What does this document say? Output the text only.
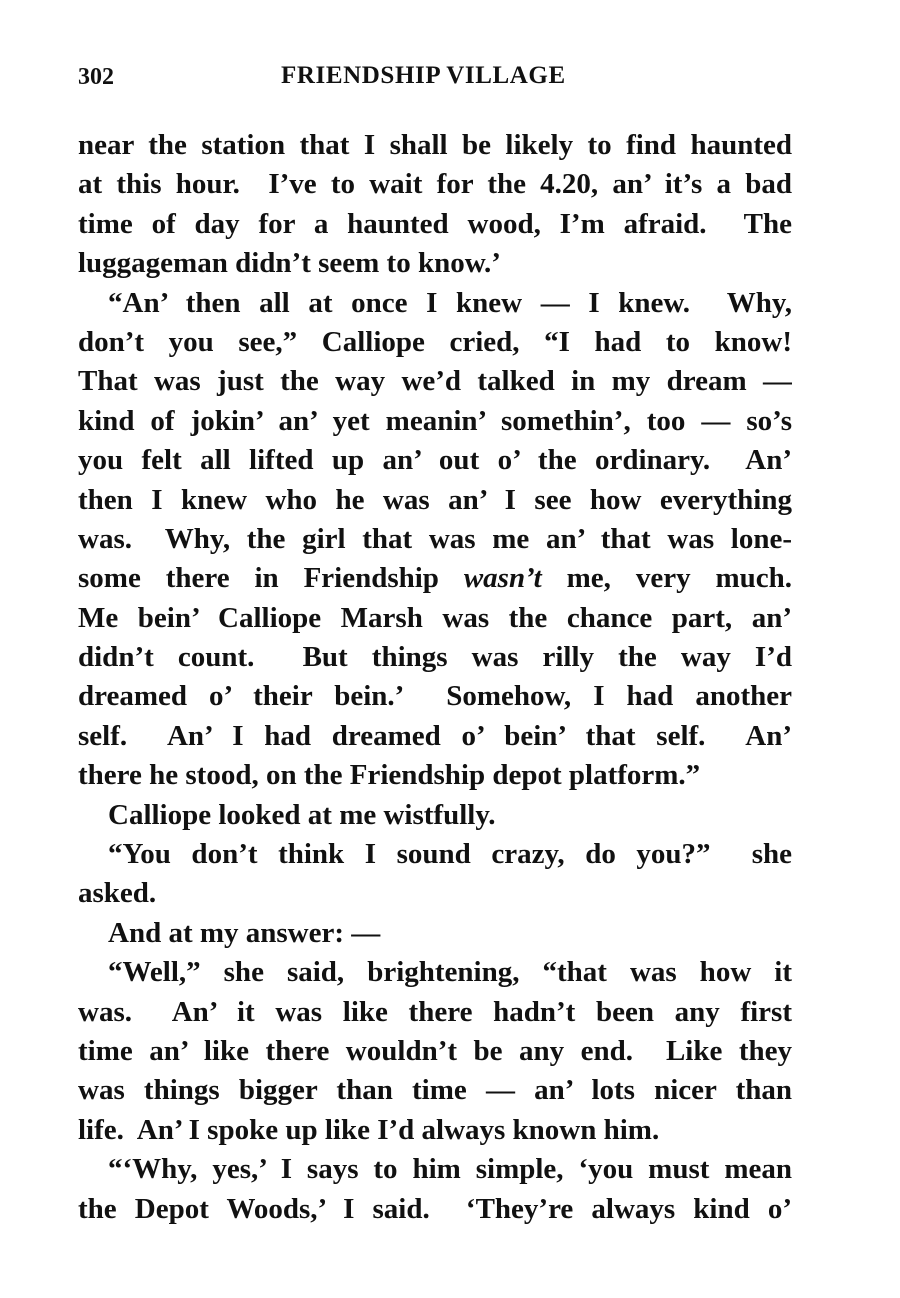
302	FRIENDSHIP VILLAGE
near the station that I shall be likely to find haunted
at this hour.  I’ve to wait for the 4.20, an’ it’s a bad
time of day for a haunted wood, I’m afraid.  The
luggageman didn’t seem to know.’
“An’ then all at once I knew — I knew.  Why,
don’t you see,” Calliope cried, “I had to know!
That was just the way we’d talked in my dream —
kind of jokin’ an’ yet meanin’ somethin’, too — so’s
you felt all lifted up an’ out o’ the ordinary.  An’
then I knew who he was an’ I see how everything
was.  Why, the girl that was me an’ that was lone-
some there in Friendship wasn’t me, very much.
Me bein’ Calliope Marsh was the chance part, an’
didn’t count.  But things was rilly the way I’d
dreamed o’ their bein.’  Somehow, I had another
self.  An’ I had dreamed o’ bein’ that self.  An’
there he stood, on the Friendship depot platform.”
Calliope looked at me wistfully.
“You don’t think I sound crazy, do you?”  she
asked.
And at my answer: —
“Well,” she said, brightening, “that was how it
was.  An’ it was like there hadn’t been any first
time an’ like there wouldn’t be any end.  Like they
was things bigger than time — an’ lots nicer than
life.  An’ I spoke up like I’d always known him.
“‘Why, yes,’ I says to him simple, ‘you must mean
the Depot Woods,’ I said.  ‘They’re always kind o’
